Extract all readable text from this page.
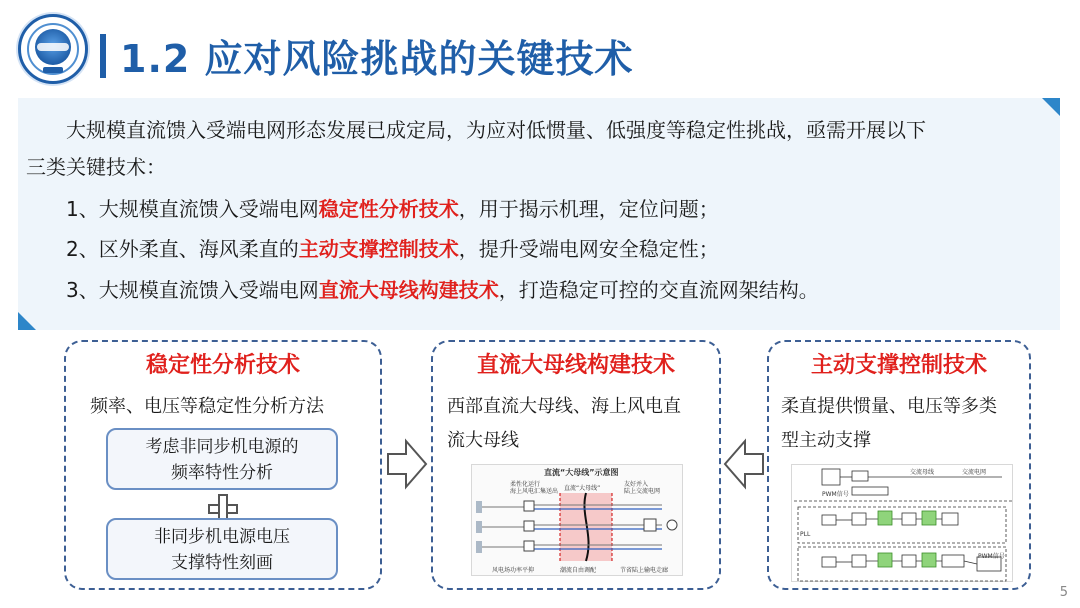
1.2 应对风险挑战的关键技术

大规模直流馈入受端电网形态发展已成定局，为应对低惯量、低强度等稳定性挑战，亟需开展以下

三类关键技术：

1、大规模直流馈入受端电网稳定性分析技术，用于揭示机理，定位问题；

2、区外柔直、海风柔直的主动支撑控制技术，提升受端电网安全稳定性；

3、大规模直流馈入受端电网直流大母线构建技术，打造稳定可控的交直流网架结构。

稳定性分析技术
频率、电压等稳定性分析方法
考虑非同步机电源的
频率特性分析
非同步机电源电压
支撑特性刻画
直流大母线构建技术
西部直流大母线、海上风电直
流大母线
直流“大母线”示意图
柔性化运行
海上风电汇集送出 直流“大母线”
友好并入
陆上交流电网
风电场功率平抑	潮流自由调配	节省陆上输电走廊
主动支撑控制技术
柔直提供惯量、电压等多类
型主动支撑
交流母线	交流电网
PWM信号
PLL
PWM信号
5
